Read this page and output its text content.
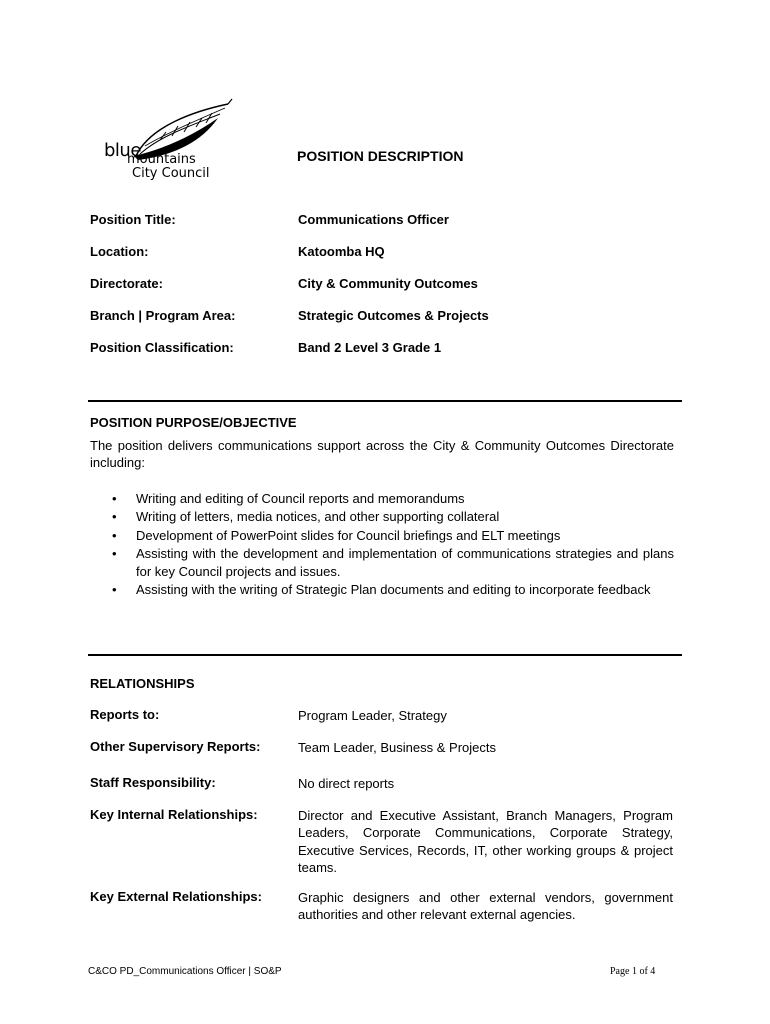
blue
mountains
City Council
POSITION DESCRIPTION
Position Title:	Communications Officer
Location:	Katoomba HQ
Directorate:	City & Community Outcomes
Branch | Program Area:	Strategic Outcomes & Projects
Position Classification:	Band 2 Level 3 Grade 1
POSITION PURPOSE/OBJECTIVE
The position delivers communications support across the City & Community Outcomes Directorate including:
• Writing and editing of Council reports and memorandums
• Writing of letters, media notices, and other supporting collateral
• Development of PowerPoint slides for Council briefings and ELT meetings
• Assisting with the development and implementation of communications strategies and plans for key Council projects and issues.
• Assisting with the writing of Strategic Plan documents and editing to incorporate feedback
RELATIONSHIPS
Reports to:	Program Leader, Strategy
Other Supervisory Reports:	Team Leader, Business & Projects
Staff Responsibility:	No direct reports
Key Internal Relationships:	Director and Executive Assistant, Branch Managers, Program Leaders, Corporate Communications, Corporate Strategy, Executive Services, Records, IT, other working groups & project teams.
Key External Relationships:	Graphic designers and other external vendors, government authorities and other relevant external agencies.
C&CO PD_Communications Officer | SO&P	Page 1 of 4
